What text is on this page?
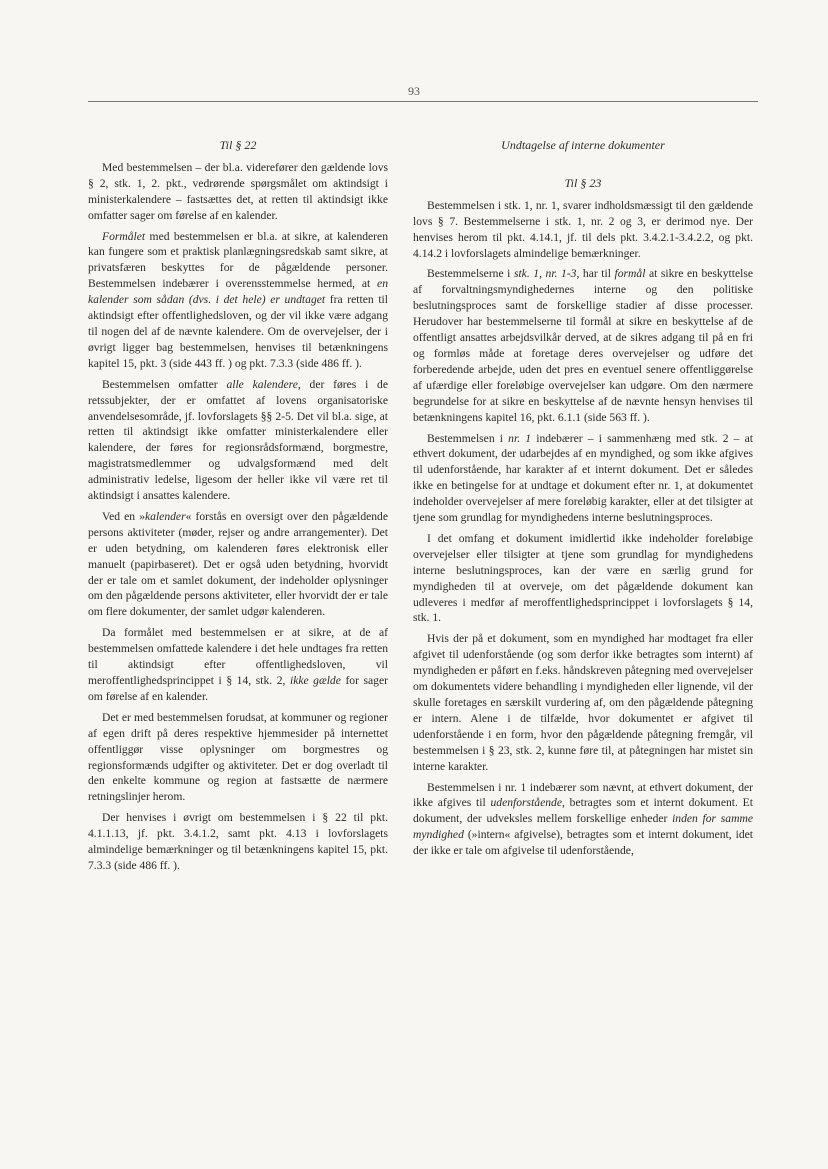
93
Til § 22

Med bestemmelsen – der bl.a. viderefører den gældende lovs § 2, stk. 1, 2. pkt., vedrørende spørgsmålet om aktindsigt i ministerkalendere – fastsættes det, at retten til aktindsigt ikke omfatter sager om førelse af en kalender.

Formålet med bestemmelsen er bl.a. at sikre, at kalenderen kan fungere som et praktisk planlægningsredskab samt sikre, at privatsfæren beskyttes for de pågældende personer. Bestemmelsen indebærer i overensstemmelse hermed, at en kalender som sådan (dvs. i det hele) er undtaget fra retten til aktindsigt efter offentlighedsloven, og der vil ikke være adgang til nogen del af de nævnte kalendere. Om de overvejelser, der i øvrigt ligger bag bestemmelsen, henvises til betænkningens kapitel 15, pkt. 3 (side 443 ff. ) og pkt. 7.3.3 (side 486 ff. ).

Bestemmelsen omfatter alle kalendere, der føres i de retssubjekter, der er omfattet af lovens organisatoriske anvendelsesområde, jf. lovforslagets §§ 2-5. Det vil bl.a. sige, at retten til aktindsigt ikke omfatter ministerkalendere eller kalendere, der føres for regionsrådsformænd, borgmestre, magistratsmedlemmer og udvalgsformænd med delt administrativ ledelse, ligesom der heller ikke vil være ret til aktindsigt i ansattes kalendere.

Ved en »kalender« forstås en oversigt over den pågældende persons aktiviteter (møder, rejser og andre arrangementer). Det er uden betydning, om kalenderen føres elektronisk eller manuelt (papirbaseret). Det er også uden betydning, hvorvidt der er tale om et samlet dokument, der indeholder oplysninger om den pågældende persons aktiviteter, eller hvorvidt der er tale om flere dokumenter, der samlet udgør kalenderen.

Da formålet med bestemmelsen er at sikre, at de af bestemmelsen omfattede kalendere i det hele undtages fra retten til aktindsigt efter offentlighedsloven, vil meroffentlighedsprincippet i § 14, stk. 2, ikke gælde for sager om førelse af en kalender.

Det er med bestemmelsen forudsat, at kommuner og regioner af egen drift på deres respektive hjemmesider på internettet offentliggør visse oplysninger om borgmestres og regionsformænds udgifter og aktiviteter. Det er dog overladt til den enkelte kommune og region at fastsætte de nærmere retningslinjer herom.

Der henvises i øvrigt om bestemmelsen i § 22 til pkt. 4.1.1.13, jf. pkt. 3.4.1.2, samt pkt. 4.13 i lovforslagets almindelige bemærkninger og til betænkningens kapitel 15, pkt. 7.3.3 (side 486 ff. ).

Undtagelse af interne dokumenter
Til § 23

Bestemmelsen i stk. 1, nr. 1, svarer indholdsmæssigt til den gældende lovs § 7. Bestemmelserne i stk. 1, nr. 2 og 3, er derimod nye. Der henvises herom til pkt. 4.14.1, jf. til dels pkt. 3.4.2.1-3.4.2.2, og pkt. 4.14.2 i lovforslagets almindelige bemærkninger.

Bestemmelserne i stk. 1, nr. 1-3, har til formål at sikre en beskyttelse af forvaltningsmyndighedernes interne og den politiske beslutningsproces samt de forskellige stadier af disse processer. Herudover har bestemmelserne til formål at sikre en beskyttelse af de offentligt ansattes arbejdsvilkår derved, at de sikres adgang til på en fri og formløs måde at foretage deres overvejelser og udføre det forberedende arbejde, uden det pres en eventuel senere offentliggørelse af ufærdige eller foreløbige overvejelser kan udgøre. Om den nærmere begrundelse for at sikre en beskyttelse af de nævnte hensyn henvises til betænkningens kapitel 16, pkt. 6.1.1 (side 563 ff. ).

Bestemmelsen i nr. 1 indebærer – i sammenhæng med stk. 2 – at ethvert dokument, der udarbejdes af en myndighed, og som ikke afgives til udenforstående, har karakter af et internt dokument. Det er således ikke en betingelse for at undtage et dokument efter nr. 1, at dokumentet indeholder overvejelser af mere foreløbig karakter, eller at det tilsigter at tjene som grundlag for myndighedens interne beslutningsproces.

I det omfang et dokument imidlertid ikke indeholder foreløbige overvejelser eller tilsigter at tjene som grundlag for myndighedens interne beslutningsproces, kan der være en særlig grund for myndigheden til at overveje, om det pågældende dokument kan udleveres i medfør af meroffentlighedsprincippet i lovforslagets § 14, stk. 1.

Hvis der på et dokument, som en myndighed har modtaget fra eller afgivet til udenforstående (og som derfor ikke betragtes som internt) af myndigheden er påført en f.eks. håndskreven påtegning med overvejelser om dokumentets videre behandling i myndigheden eller lignende, vil der skulle foretages en særskilt vurdering af, om den pågældende påtegning er intern. Alene i de tilfælde, hvor dokumentet er afgivet til udenforstående i en form, hvor den pågældende påtegning fremgår, vil bestemmelsen i § 23, stk. 2, kunne føre til, at påtegningen har mistet sin interne karakter.

Bestemmelsen i nr. 1 indebærer som nævnt, at ethvert dokument, der ikke afgives til udenforstående, betragtes som et internt dokument. Et dokument, der udveksles mellem forskellige enheder inden for samme myndighed (»intern« afgivelse), betragtes som et internt dokument, idet der ikke er tale om afgivelse til udenforstående,
